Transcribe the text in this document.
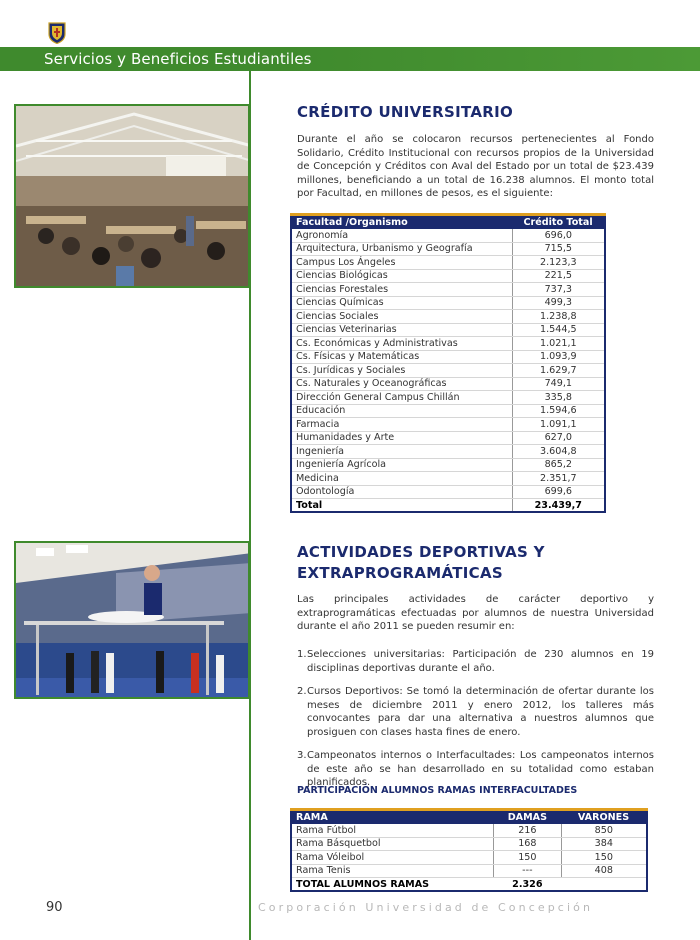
Servicios y Beneficios Estudiantiles
CRÉDITO UNIVERSITARIO
Durante el año se colocaron recursos pertenecientes al Fondo Solidario, Crédito Institucional con recursos propios de la Universidad de Concepción y Créditos con Aval del Estado por un total de $23.439 millones, beneficiando a un total de 16.238 alumnos. El monto total por Facultad, en millones de pesos, es el siguiente:
Facultad /Organismo	Crédito Total
Agronomía	696,0
Arquitectura, Urbanismo y Geografía	715,5
Campus Los Ángeles	2.123,3
Ciencias Biológicas	221,5
Ciencias Forestales	737,3
Ciencias Químicas	499,3
Ciencias Sociales	1.238,8
Ciencias Veterinarias	1.544,5
Cs. Económicas y Administrativas	1.021,1
Cs. Físicas y Matemáticas	1.093,9
Cs. Jurídicas y Sociales	1.629,7
Cs. Naturales y Oceanográficas	749,1
Dirección General Campus Chillán	335,8
Educación	1.594,6
Farmacia	1.091,1
Humanidades y Arte	627,0
Ingeniería	3.604,8
Ingeniería Agrícola	865,2
Medicina	2.351,7
Odontología	699,6
Total	23.439,7
ACTIVIDADES DEPORTIVAS Y
EXTRAPROGRAMÁTICAS
Las principales actividades de carácter deportivo y extraprogramáticas efectuadas por alumnos de nuestra Universidad durante el año 2011 se pueden resumir en:
1. Selecciones universitarias: Participación de 230 alumnos en 19 disciplinas deportivas durante el año.
2. Cursos Deportivos: Se tomó la determinación de ofertar durante los meses de diciembre 2011 y enero 2012, los talleres más convocantes para dar una alternativa a nuestros alumnos que prosiguen con clases hasta fines de enero.
3. Campeonatos internos o Interfacultades: Los campeonatos internos de este año se han desarrollado en su totalidad como estaban planificados.
PARTICIPACIÓN ALUMNOS RAMAS INTERFACULTADES
RAMA	DAMAS	VARONES
Rama Fútbol	216	850
Rama Básquetbol	168	384
Rama Vóleibol	150	150
Rama Tenis	---	408
TOTAL ALUMNOS RAMAS	2.326	
90	Corporación Universidad de Concepción
